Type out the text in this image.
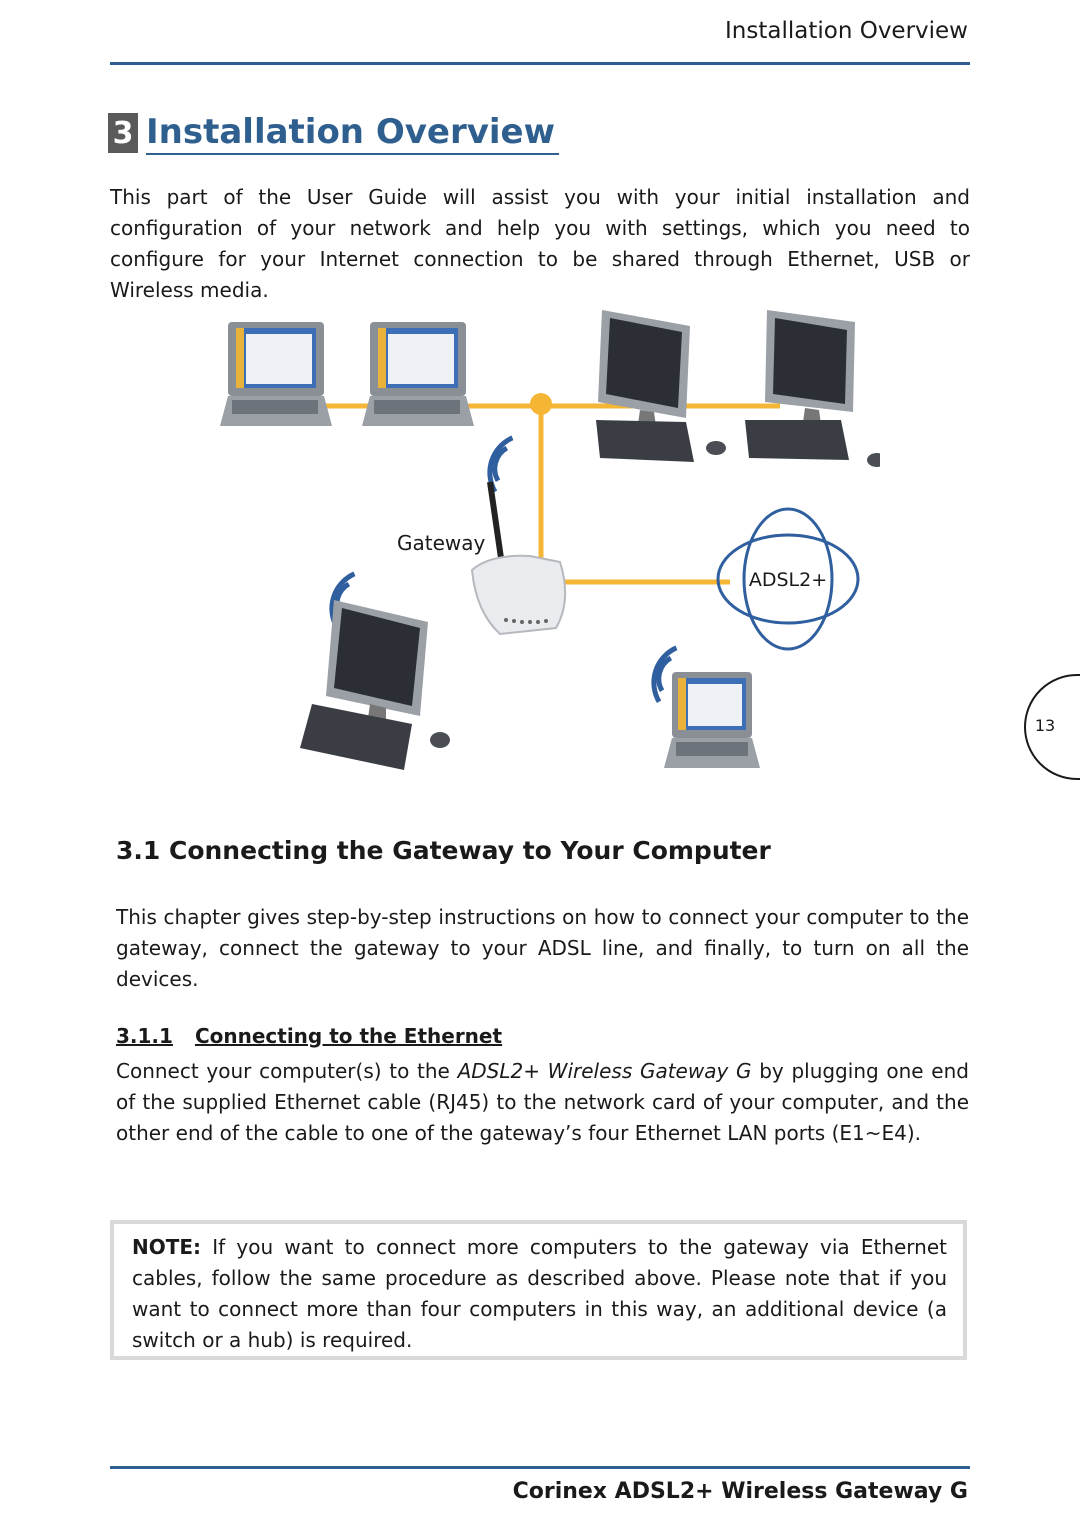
Installation Overview
3 Installation Overview
This part of the User Guide will assist you with your initial installation and configuration of your network and help you with settings, which you need to configure for your Internet connection to be shared through Ethernet, USB or Wireless media.
Gateway
ADSL2+
3.1 Connecting the Gateway to Your Computer
This chapter gives step-by-step instructions on how to connect your computer to the gateway, connect the gateway to your ADSL line, and finally, to turn on all the devices.
3.1.1 Connecting to the Ethernet
Connect your computer(s) to the ADSL2+ Wireless Gateway G by plugging one end of the supplied Ethernet cable (RJ45) to the network card of your computer, and the other end of the cable to one of the gateway’s four Ethernet LAN ports (E1~E4).
NOTE: If you want to connect more computers to the gateway via Ethernet cables, follow the same procedure as described above. Please note that if you want to connect more than four computers in this way, an additional device (a switch or a hub) is required.
13
Corinex ADSL2+ Wireless Gateway G
